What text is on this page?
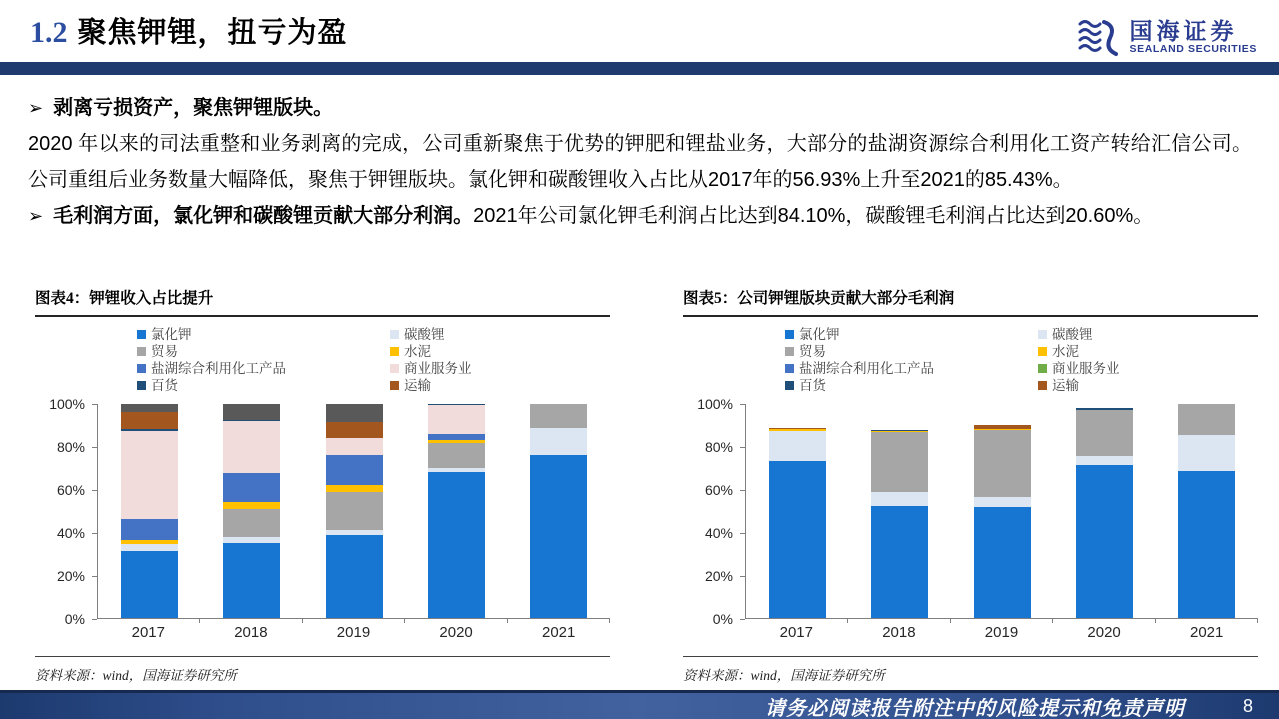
1.2 聚焦钾锂，扭亏为盈	国海证券
SEALAND SECURITIES
➢ 剥离亏损资产，聚焦钾锂版块。

2020 年以来的司法重整和业务剥离的完成，公司重新聚焦于优势的钾肥和锂盐业务，大部分的盐湖资源综合利用化工资产转给汇信公司。公司重组后业务数量大幅降低，聚焦于钾锂版块。氯化钾和碳酸锂收入占比从2017年的56.93%上升至2021的85.43%。

➢ 毛利润方面，氯化钾和碳酸锂贡献大部分利润。2021年公司氯化钾毛利润占比达到84.10%，碳酸锂毛利润占比达到20.60%。
图表4：钾锂收入占比提升
氯化钾	碳酸锂
贸易	水泥
盐湖综合利用化工产品	商业服务业
百货	运输
0%
20%
40%
60%
80%
100%
2017	2018	2019	2020	2021
资料来源：wind，国海证券研究所
图表5：公司钾锂版块贡献大部分毛利润
氯化钾	碳酸锂
贸易	水泥
盐湖综合利用化工产品	商业服务业
百货	运输
0%
20%
40%
60%
80%
100%
2017	2018	2019	2020	2021
资料来源：wind，国海证券研究所
请务必阅读报告附注中的风险提示和免责声明	8
